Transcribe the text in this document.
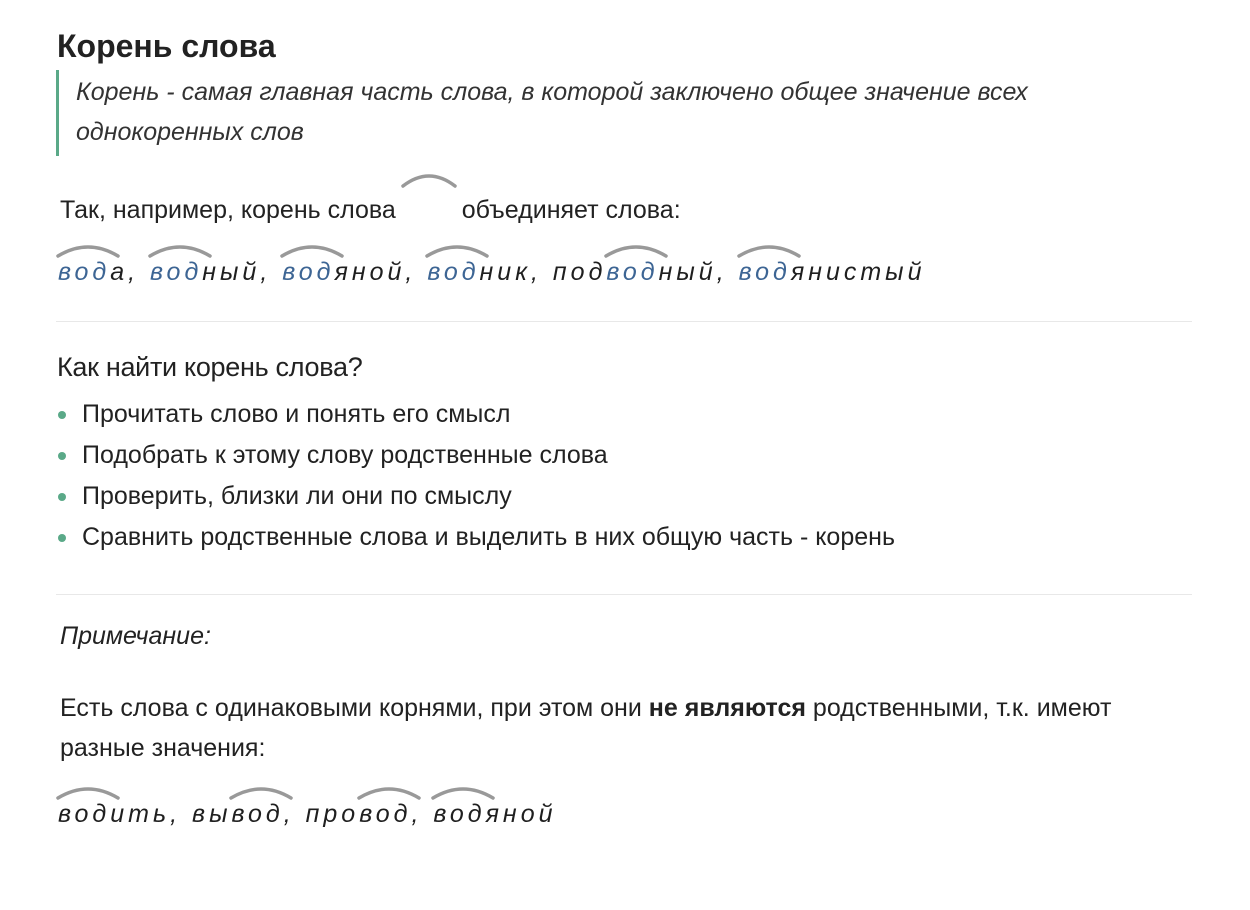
Корень слова
Корень - самая главная часть слова, в которой заключено общее значение всех однокоренных слов

Так, например, корень слова	объединяет слова:

вод
а, вод
ный, вод
яной, вод
ник, подвод
ный, вод
янистый
Как найти корень слова?
Прочитать слово и понять его смысл
Подобрать к этому слову родственные слова
Проверить, близки ли они по смыслу
Сравнить родственные слова и выделить в них общую часть - корень

Примечание:

Есть слова с одинаковыми корнями, при этом они не являются родственными, т.к. имеют разные значения:

вод
ить, вывод
, провод
, вод
яной
